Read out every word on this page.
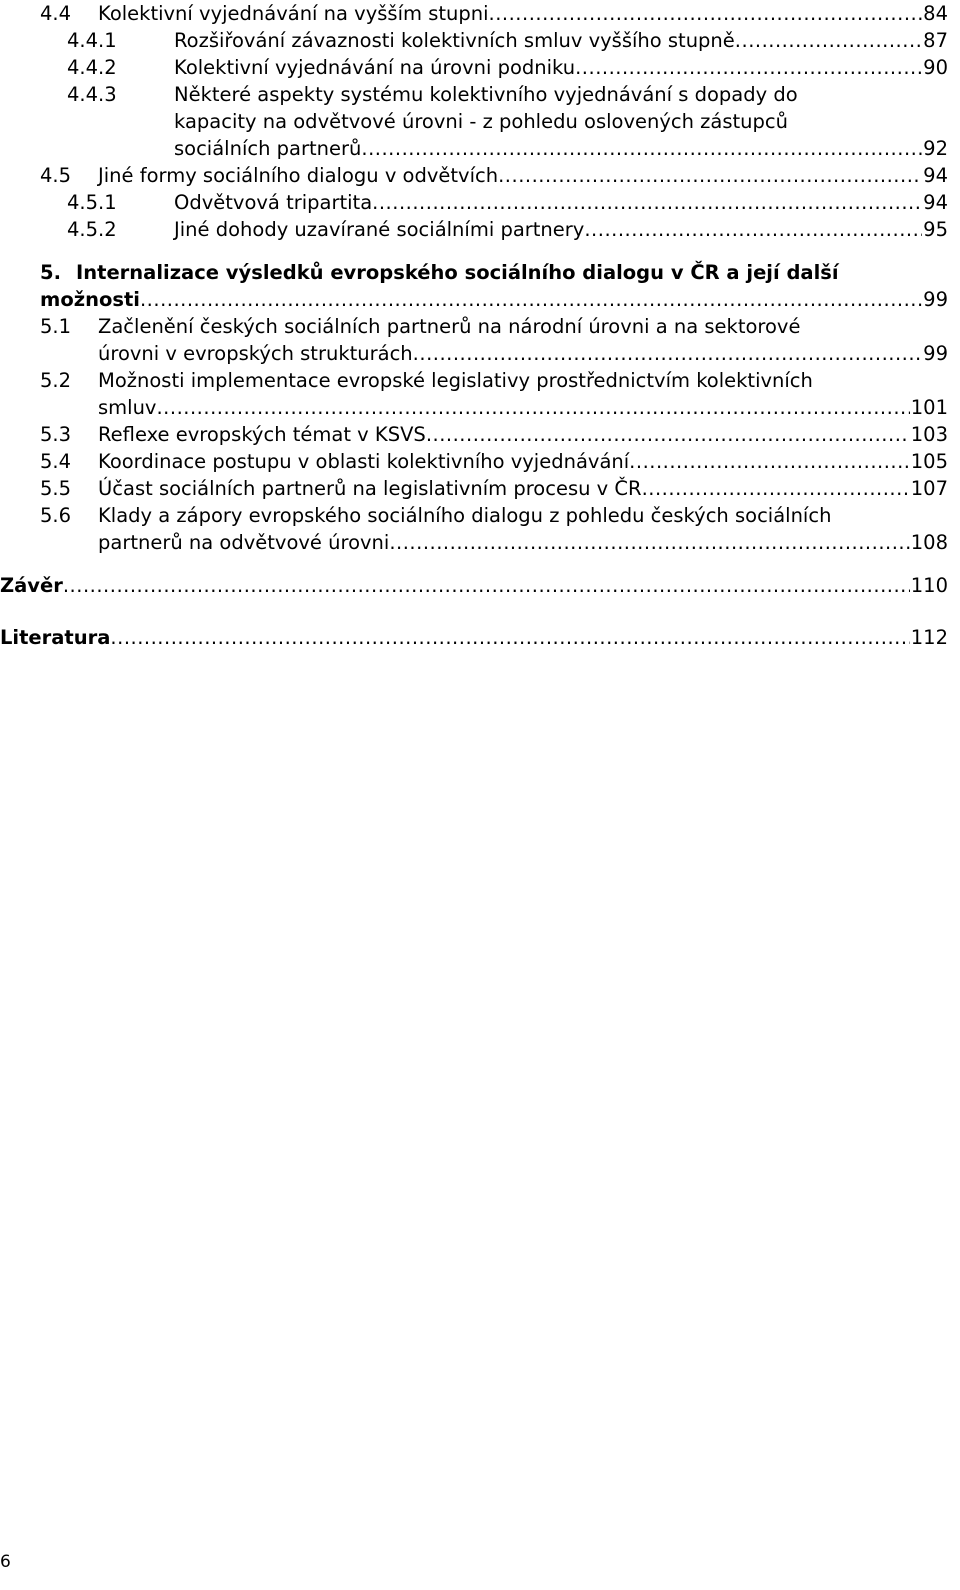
4.4 Kolektivní vyjednávání na vyšším stupni .....	84
4.4.1	Rozšiřování závaznosti kolektivních smluv vyššího stupně .....	87
4.4.2	Kolektivní vyjednávání na úrovni podniku .....	90
4.4.3	Některé aspekty systému kolektivního vyjednávání s dopady do
kapacity na odvětvové úrovni - z pohledu oslovených zástupců
sociálních partnerů .....	92
4.5 Jiné formy sociálního dialogu v odvětvích .....	94
4.5.1	Odvětvová tripartita .....	94
4.5.2	Jiné dohody uzavírané sociálními partnery .....	95
5. Internalizace výsledků evropského sociálního dialogu v ČR a její další
možnosti .....	99
5.1 Začlenění českých sociálních partnerů na národní úrovni a na sektorové
úrovni v evropských strukturách .....	99
5.2 Možnosti implementace evropské legislativy prostřednictvím kolektivních
smluv .....	101
5.3 Reflexe evropských témat v KSVS .....	103
5.4 Koordinace postupu v oblasti kolektivního vyjednávání .....	105
5.5 Účast sociálních partnerů na legislativním procesu v ČR .....	107
5.6 Klady a zápory evropského sociálního dialogu z pohledu českých sociálních
partnerů na odvětvové úrovni .....	108
Závěr .....	110
Literatura .....	112
6
